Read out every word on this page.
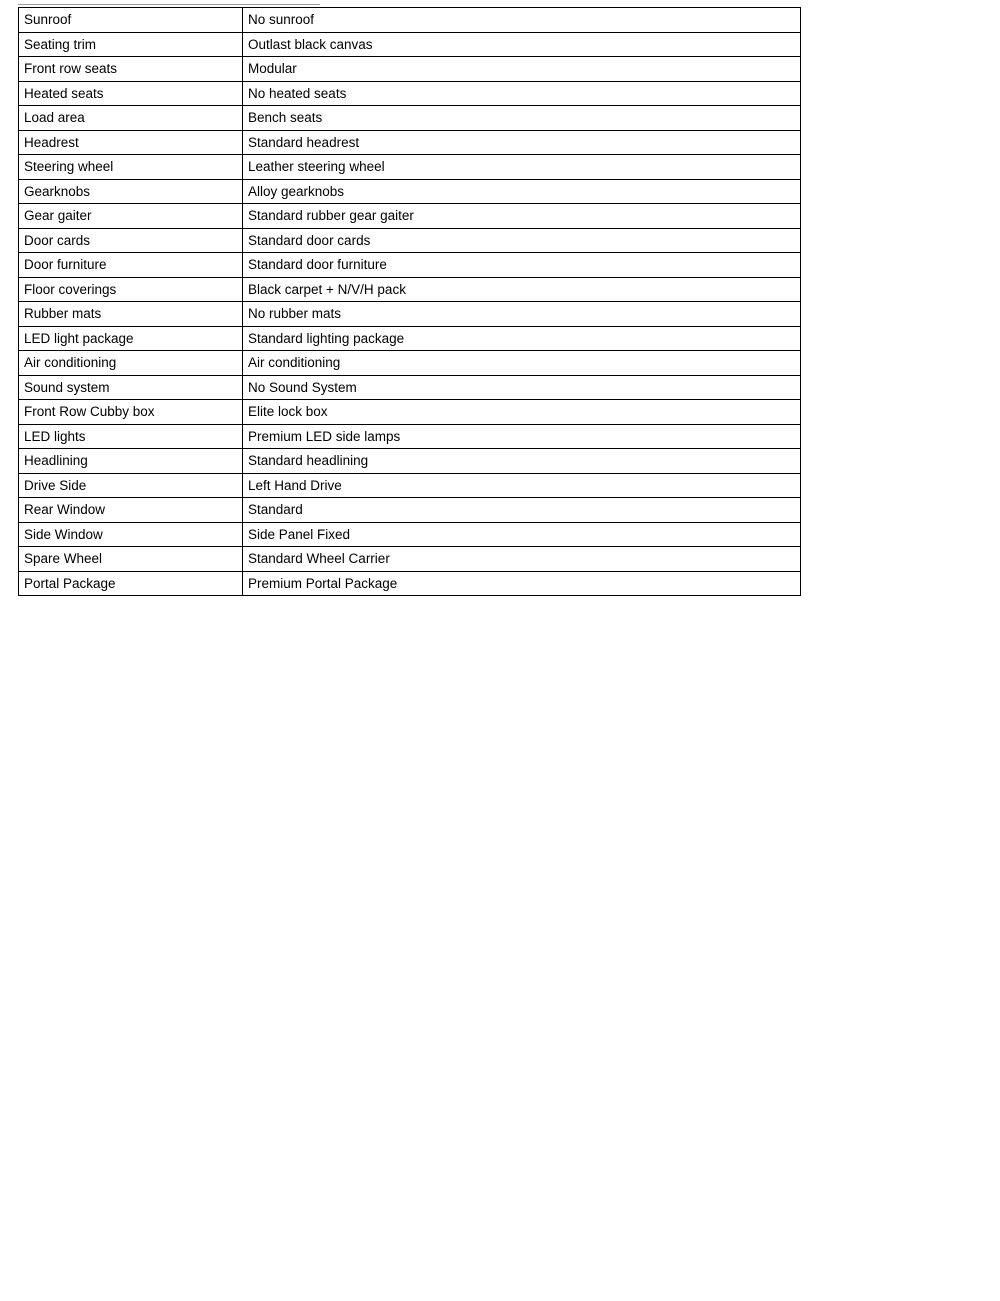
Sunroof	No sunroof
Seating trim	Outlast black canvas
Front row seats	Modular
Heated seats	No heated seats
Load area	Bench seats
Headrest	Standard headrest
Steering wheel	Leather steering wheel
Gearknobs	Alloy gearknobs
Gear gaiter	Standard rubber gear gaiter
Door cards	Standard door cards
Door furniture	Standard door furniture
Floor coverings	Black carpet + N/V/H pack
Rubber mats	No rubber mats
LED light package	Standard lighting package
Air conditioning	Air conditioning
Sound system	No Sound System
Front Row Cubby box	Elite lock box
LED lights	Premium LED side lamps
Headlining	Standard headlining
Drive Side	Left Hand Drive
Rear Window	Standard
Side Window	Side Panel Fixed
Spare Wheel	Standard Wheel Carrier
Portal Package	Premium Portal Package
